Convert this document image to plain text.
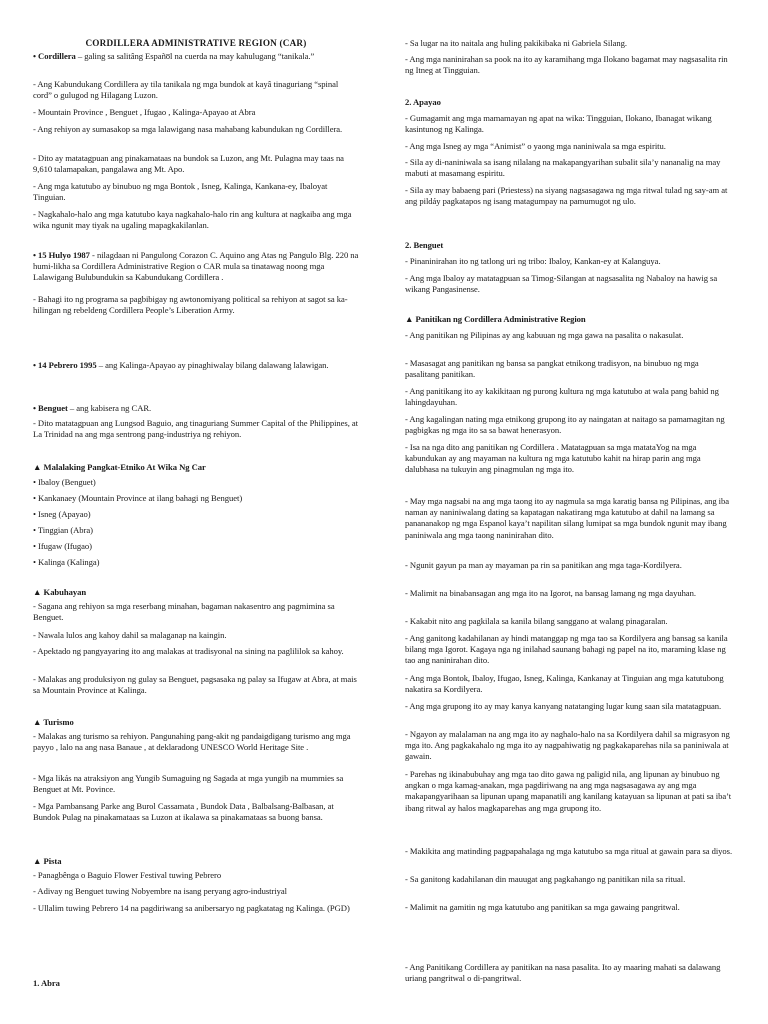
CORDILLERA ADMINISTRATIVE REGION (CAR)
• Cordillera – galing sa salitâng Españo̅l na cuerda na may kahulugang “tanikala.”
- Ang Kabundukang Cordillera ay tila tanikala ng mga bundok at kayâ tinaguriang “spinal cord” o gulugod ng Hilagang Luzon.
- Mountain Province , Benguet , Ifugao , Kalinga-Apayao at Abra
- Ang rehiyon ay sumasakop sa mga lalawigang nasa mahabang kabundukan ng Cordillera.
- Dito ay matatagpuan ang pinakamataas na bundok sa Luzon, ang Mt. Pulagna may taas na 9,610 talamapakan, pangalawa ang Mt. Apo.
- Ang mga katutubo ay binubuo ng mga Bontok , Isneg, Kalinga, Kankana-ey, Ibaloyat Tinguian.
- Nagkahalo-halo ang mga katutubo kaya nagkahalo-halo rin ang kultura at nagkaiba ang mga wika ngunit may tiyak na ugaling mapagkakilanlan.
• 15 Hulyo 1987 - nilagdaan ni Pangulong Corazon C. Aquino ang Atas ng Pangulo Blg. 220 na humi-likha sa Cordillera Administrative Region o CAR mula sa tinatawag noong mga Lalawigang Bulubundukin sa Kabundukang Cordillera .
- Bahagi ito ng programa sa pagbibigay ng awtonomiyang political sa rehiyon at sagot sa ka- hilingan ng rebeldeng Cordillera People’s Liberation Army.
• 14 Pebrero 1995 – ang Kalinga-Apayao ay pinaghiwalay bilang dalawang lalawigan.
• Benguet – ang kabisera ng CAR.
- Dito matatagpuan ang Lungsod Baguio, ang tinaguriang Summer Capital of the Philippines, at La Trinidad na ang mga sentrong pang-industriya ng rehiyon.
▲ Malalaking Pangkat-Etniko At Wika Ng Car
• Ibaloy (Benguet)
• Kankanaey (Mountain Province at ilang bahagi ng Benguet)
• Isneg (Apayao)
• Tinggian (Abra)
• Ifugaw (Ifugao)
• Kalinga (Kalinga)
▲ Kabuhayan
- Sagana ang rehiyon sa mga reserbang minahan, bagaman nakasentro ang pagmimina sa Benguet.
- Nawala lulos ang kahoy dahil sa malaganap na kaingin.
- Apektado ng pangyayaring ito ang malakas at tradisyonal na sining na paglililok sa kahoy.
- Malakas ang produksiyon ng gulay sa Benguet, pagsasaka ng palay sa Ifugaw at Abra, at mais sa Mountain Province at Kalinga.
▲ Turismo
- Malakas ang turismo sa rehiyon. Pangunahing pang-akit ng pandaigdigang turismo ang mga payyo , lalo na ang nasa Banaue , at deklaradong UNESCO World Heritage Site .
- Mga likás na atraksiyon ang Yungib Sumaguing ng Sagada at mga yungib na mummies sa Benguet at Mt. Povince.
- Mga Pambansang Parke ang Burol Cassamata , Bundok Data , Balbalsang-Balbasan, at Bundok Pulag na pinakamataas sa Luzon at ikalawa sa pinakamataas sa buong bansa.
▲ Pista
- Panagbênga o Baguio Flower Festival tuwing Pebrero
- Adivay ng Benguet tuwing Nobyembre na isang peryang agro-industriyal
- Ullalim tuwing Pebrero 14 na pagdiriwang sa anibersaryo ng pagkatatag ng Kalinga. (PGD)
1. Abra
- Sa lugar na ito naitala ang huling pakikibaka ni Gabriela Silang.
- Ang mga naninirahan sa pook na ito ay karamihang mga Ilokano bagamat may nagsasalita rin ng Itneg at Tingguian.
2. Apayao
- Gumagamit ang mga mamamayan ng apat na wika: Tingguian, Ilokano, Ibanagat wikang kasintunog ng Kalinga.
- Ang mga Isneg ay mga “Animist” o yaong mga naniniwala sa mga espiritu.
- Sila ay di-naniniwala sa isang nilalang na makapangyarihan subalit sila’y nananalig na may mabuti at masamang espiritu.
- Sila ay may babaeng pari (Priestess) na siyang nagsasagawa ng mga ritwal tulad ng say-am at ang pildáy pagkatapos ng isang matagumpay na pamumugot ng ulo.
2. Benguet
- Pinaninirahan ito ng tatlong uri ng tribo: Ibaloy, Kankan-ey at Kalanguya.
- Ang mga Ibaloy ay matatagpuan sa Timog-Silangan at nagsasalita ng Nabaloy na hawig sa wikang Pangasinense.
▲ Panitikan ng Cordillera Administrative Region
- Ang panitikan ng Pilipinas ay ang kabuuan ng mga gawa na pasalita o nakasulat.
- Masasagat ang panitikan ng bansa sa pangkat etnikong tradisyon, na binubuo ng mga pasalitang panitikan.
- Ang panitikang ito ay kakikitaan ng purong kultura ng mga katutubo at wala pang bahid ng lahingdayuhan.
- Ang kagalingan nating mga etnikong grupong ito ay naingatan at naitago sa pamamagitan ng pagbigkas ng mga ito sa sa bawat henerasyon.
- Isa na nga dito ang panitikan ng Cordillera . Matatagpuan sa mga matataYog na mga kabundukan ay ang mayaman na kultura ng mga katutubo kahit na hirap parin ang mga dalubhasa na tukuyin ang pinagmulan ng mga ito.
- May mga nagsabi na ang mga taong ito ay nagmula sa mga karatig bansa ng Pilipinas, ang iba naman ay naniniwalang dating sa kapatagan nakatirang mga katutubo at dahil na lamang sa panananakop ng mga Espanol kaya’t napilitan silang lumipat sa mga bundok ngunit may ibang paniniwala ang mga taong naninirahan dito.
- Ngunit gayun pa man ay mayaman pa rin sa panitikan ang mga taga-Kordilyera.
- Malimit na binabansagan ang mga ito na Igorot, na bansag lamang ng mga dayuhan.
- Kakabit nito ang pagkilala sa kanila bilang sanggano at walang pinagaralan.
- Ang ganitong kadahilanan ay hindi matanggap ng mga tao sa Kordilyera ang bansag sa kanila bilang mga Igorot. Kagaya nga ng inilahad saunang bahagi ng papel na ito, maraming klase ng tao ang naninirahan dito.
- Ang mga Bontok, Ibaloy, Ifugao, Isneg, Kalinga, Kankanay at Tinguian ang mga katutubong nakatira sa Kordilyera.
- Ang mga grupong ito ay may kanya kanyang natatanging lugar kung saan sila matatagpuan.
- Ngayon ay malalaman na ang mga ito ay naghalo-halo na sa Kordilyera dahil sa migrasyon ng mga ito. Ang pagkakahalo ng mga ito ay nagpahiwatig ng pagkakaparehas nila sa paniniwala at gawain.
- Parehas ng ikinabubuhay ang mga tao dito gawa ng paligid nila, ang lipunan ay binubuo ng angkan o mga kamag-anakan, mga pagdiriwang na ang mga nagsasagawa ay ang mga makapangyarihaan sa lipunan upang mapanatili ang kanilang katayuan sa lipunan at pati sa iba’t ibang ritwal ay halos magkaparehas ang mga grupong ito.
- Makikita ang matinding pagpapahalaga ng mga katutubo sa mga ritual at gawain para sa diyos.
- Sa ganitong kadahilanan din mauugat ang pagkahango ng panitikan nila sa ritual.
- Malimit na gamitin ng mga katutubo ang panitikan sa mga gawaing pangritwal.
- Ang Panitikang Cordillera ay panitikan na nasa pasalita. Ito ay maaring mahati sa dalawang uriang pangritwal o di-pangritwal.
